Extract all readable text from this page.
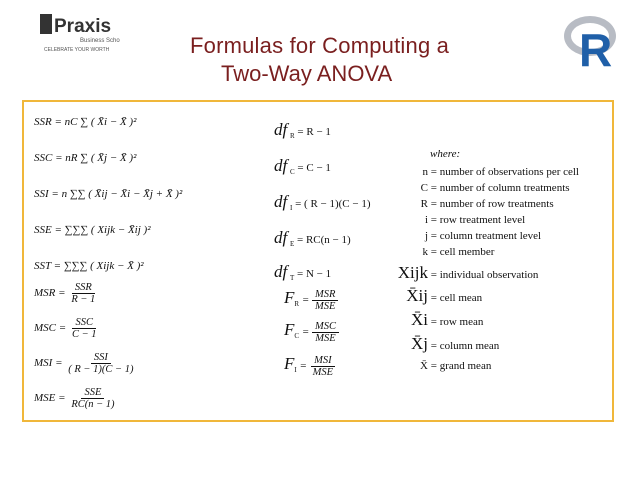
Praxis
Business School
CELEBRATE YOUR WORTH	Formulas for Computing a
Two-Way ANOVA	R
SSR = nC ∑ ( X̄i − X̄ )²
SSC = nR ∑ ( X̄j − X̄ )²
SSI = n ∑∑ ( X̄ij − X̄i − X̄j + X̄ )²
SSE = ∑∑∑ ( Xijk − X̄ij )²
SST = ∑∑∑ ( Xijk − X̄ )²
MSR = $\frac{\text{SSR}}{R - 1}$
MSC = $\frac{\text{SSC}}{C - 1}$
MSI = $\frac{\text{SSI}}{( R - 1)(C - 1)}$
MSE = $\frac{\text{SSE}}{RC(n - 1)}$
df $_R$ = R − 1
df $_C$ = C − 1
df $_I$ = ( R − 1)(C − 1)
df $_E$ = RC(n − 1)
df $_T$ = N − 1
$F_R = \frac{\text{MSR}}{\text{MSE}}$
$F_C = \frac{\text{MSC}}{\text{MSE}}$
$F_I = \frac{\text{MSI}}{\text{MSE}}$
where:
n = number of observations per cell
C = number of column treatments
R = number of row treatments
i = row treatment level
j = column treatment level
k = cell member
Xijk = individual observation
X̄ij = cell mean
X̄i = row mean
X̄j = column mean
X̄ = grand mean
